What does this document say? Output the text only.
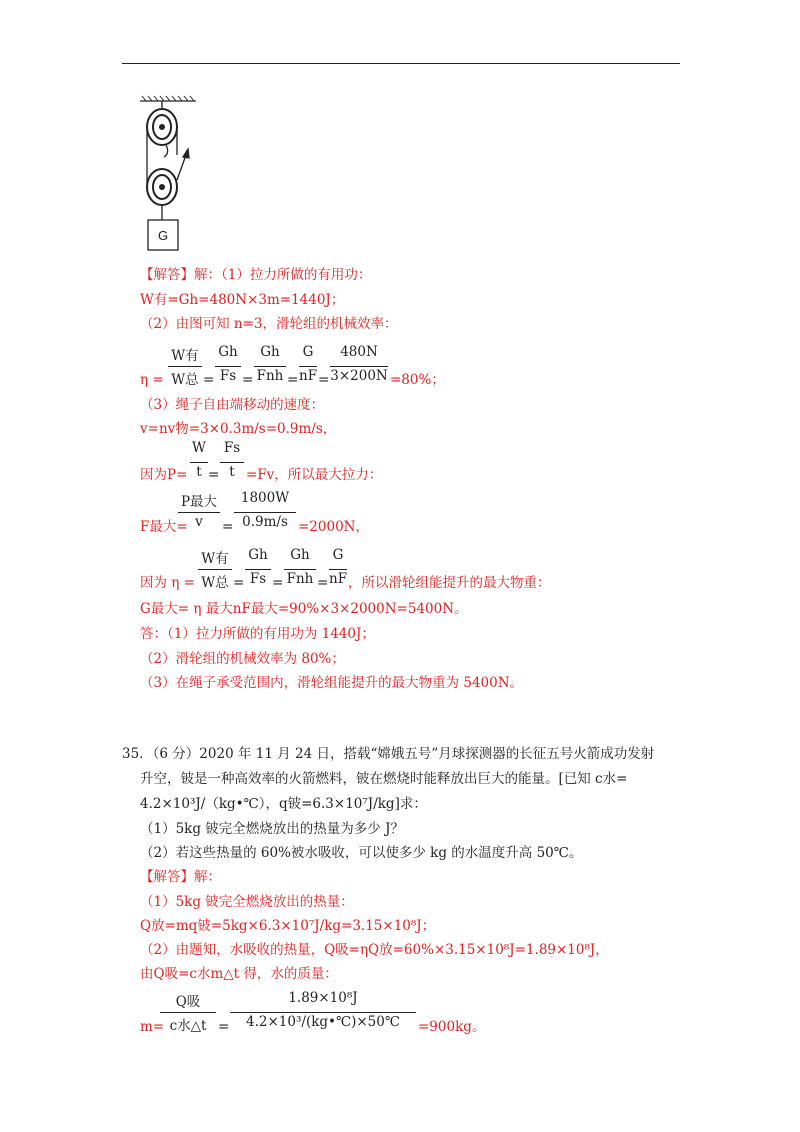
G
【解答】解：（1）拉力所做的有用功：
W有=Gh=480N×3m=1440J；
（2）由图可知 n=3，滑轮组的机械效率：
η =
W有
W总 =
Gh
Fs =
Gh
Fnh =
G
nF =
480N
3×200N =80%；
（3）绳子自由端移动的速度：
v=nv物=3×0.3m/s=0.9m/s，
因为P=
W
t =
Fs
t =Fv，所以最大拉力：
F最大=
P最大
v	=
1800W
0.9m/s =2000N，
因为 η =
W有
W总 =
Gh
Fs =
Gh
Fnh =
G
nF ，所以滑轮组能提升的最大物重：
G最大= η 最大nF最大=90%×3×2000N=5400N。
答：（1）拉力所做的有用功为 1440J；
（2）滑轮组的机械效率为 80%；
（3）在绳子承受范围内，滑轮组能提升的最大物重为 5400N。
35．（6 分）2020 年 11 月 24 日，搭载“嫦娥五号”月球探测器的长征五号火箭成功发射
升空，铍是一种高效率的火箭燃料，铍在燃烧时能释放出巨大的能量。[已知 c水=
4.2×10³J/（kg•℃），q铍=6.3×10⁷J/kg]求：
（1）5kg 铍完全燃烧放出的热量为多少 J？
（2）若这些热量的 60%被水吸收，可以使多少 kg 的水温度升高 50℃。
【解答】解：
（1）5kg 铍完全燃烧放出的热量：
Q放=mq铍=5kg×6.3×10⁷J/kg=3.15×10⁸J；
（2）由题知，水吸收的热量，Q吸=ηQ放=60%×3.15×10⁸J=1.89×10⁸J，
由Q吸=c水m△t 得，水的质量：
m=
Q吸
c水△t =
1.89×10⁸J
4.2×10³/(kg•℃)×50℃	=900kg。
